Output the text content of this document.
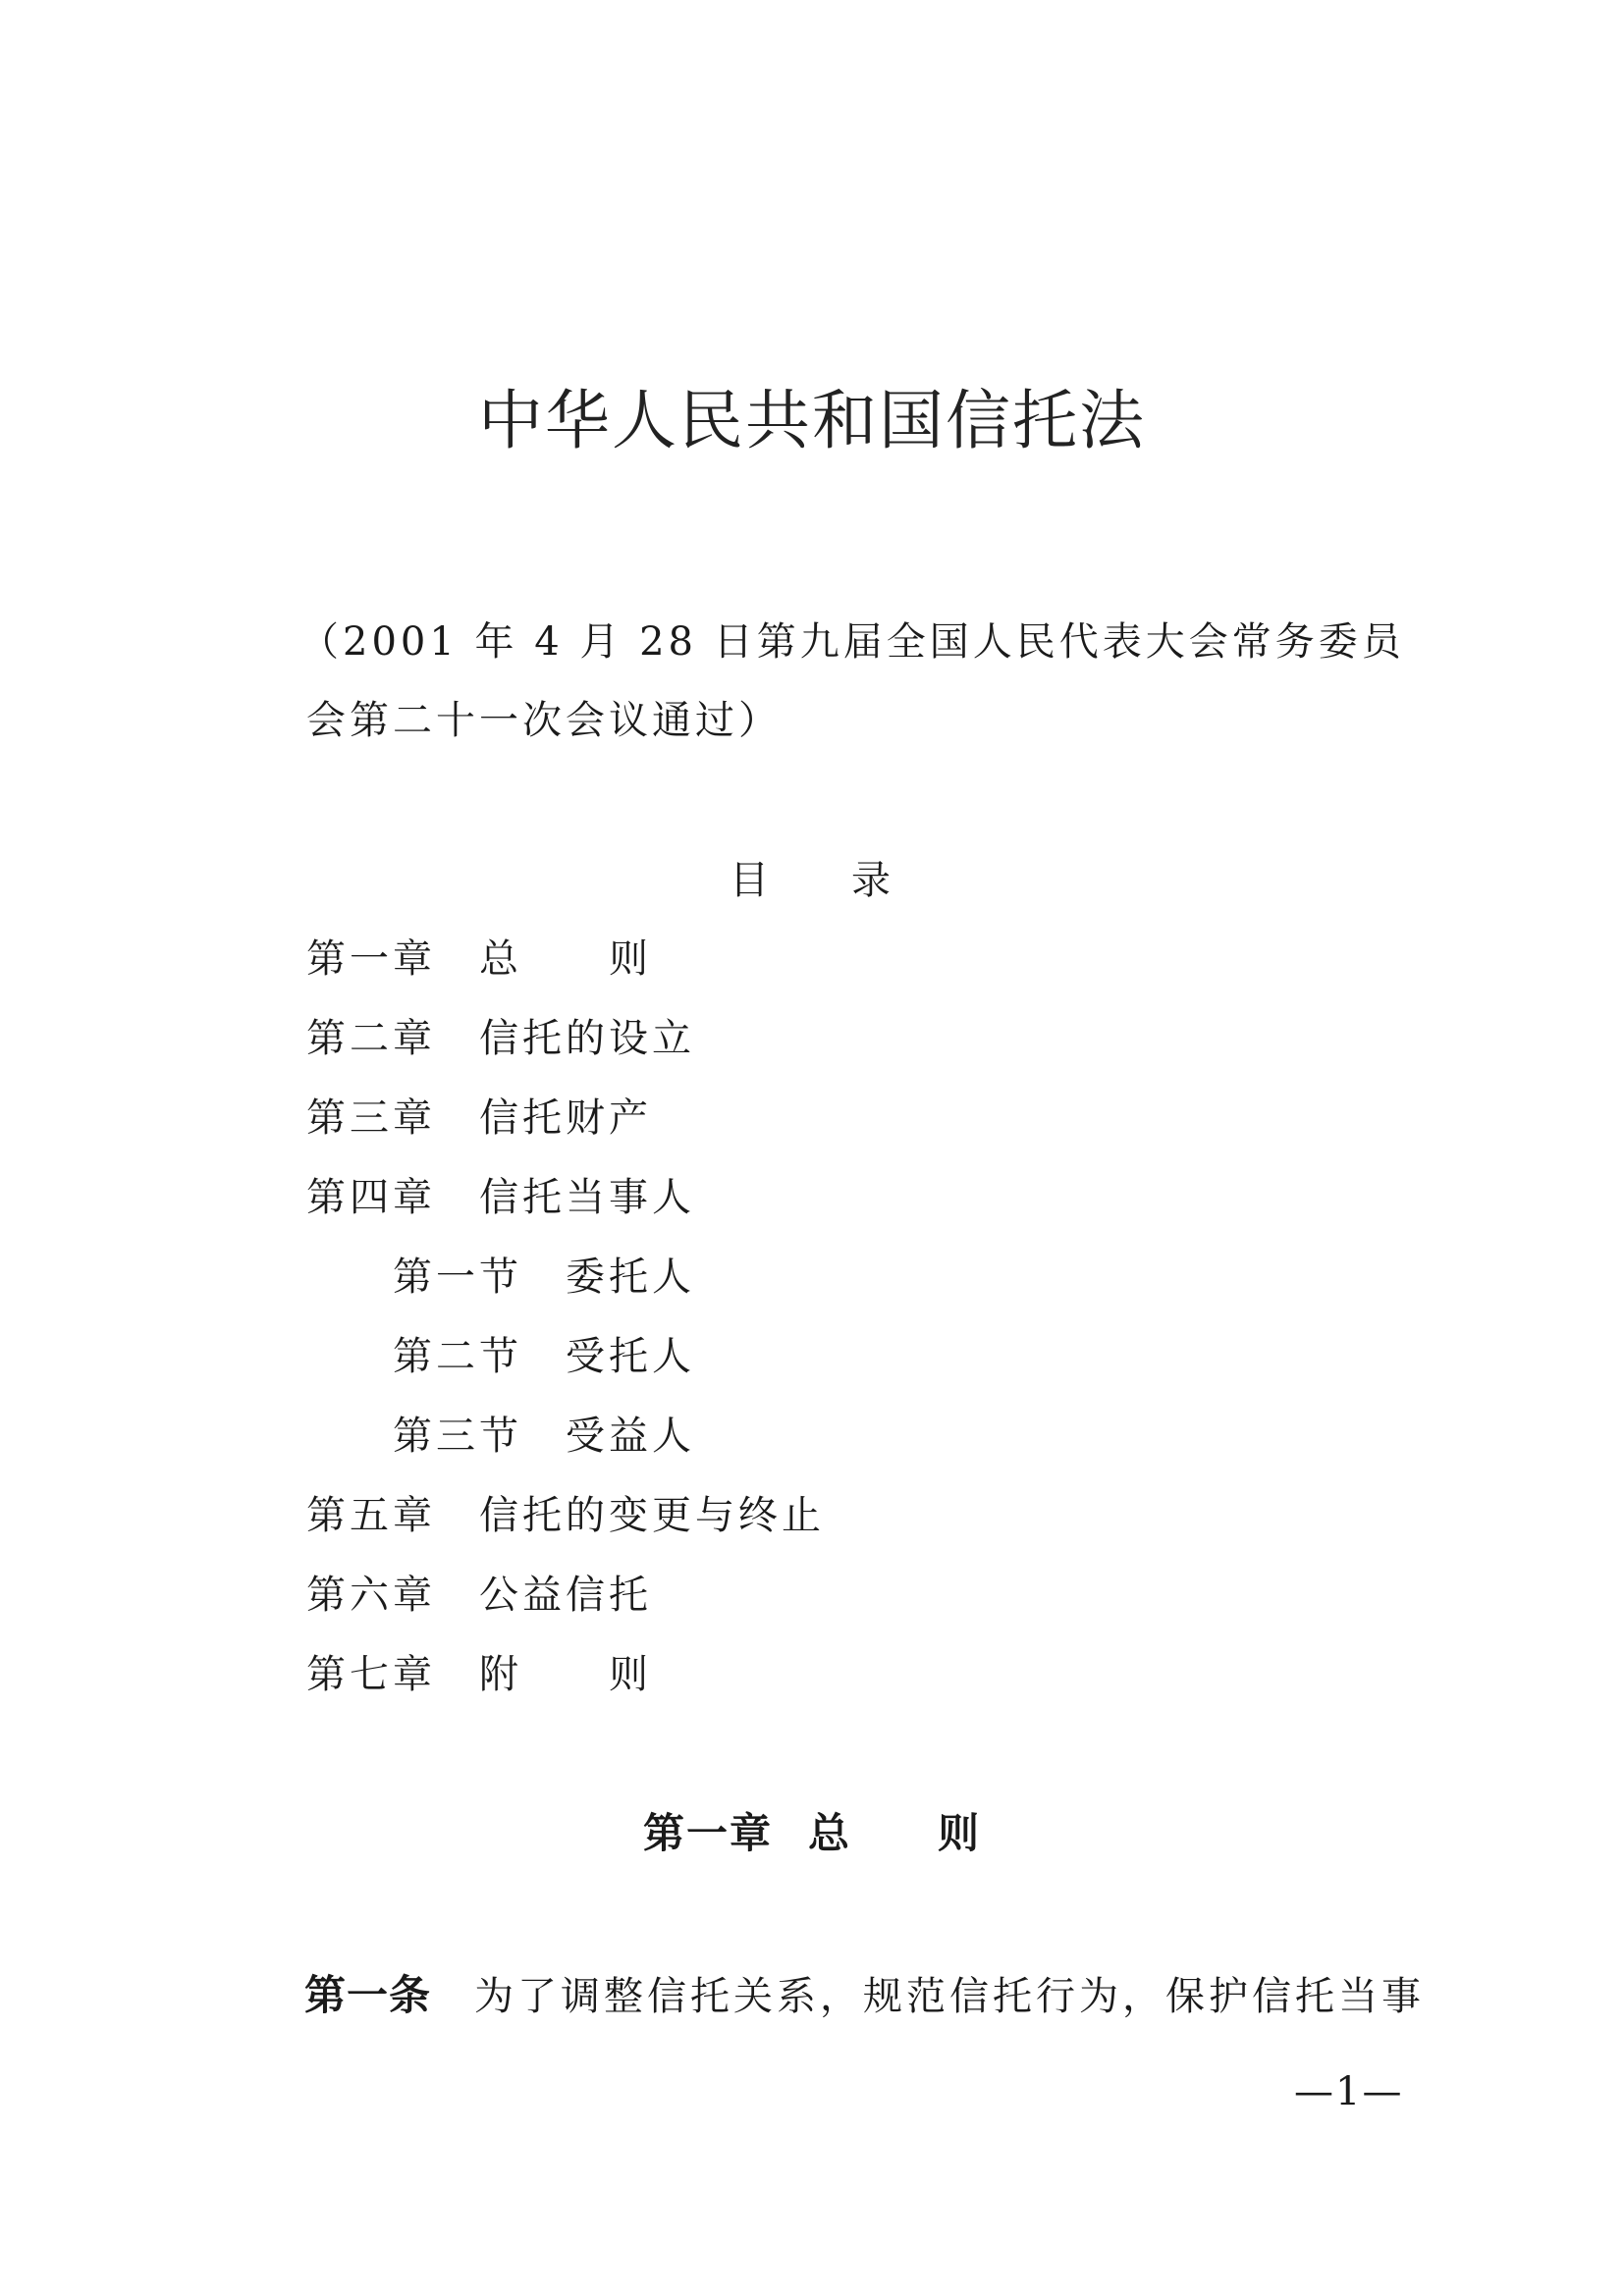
中华人民共和国信托法
（2001 年 4 月 28 日第九届全国人民代表大会常务委员
会第二十一次会议通过）
目 录
第一章	总　　则
第二章	信托的设立
第三章	信托财产
第四章	信托当事人
第一节	委托人
第二节	受托人
第三节	受益人
第五章	信托的变更与终止
第六章	公益信托
第七章	附　　则
第一章 总　　则
第一条 为了调整信托关系，规范信托行为，保护信托当事
—1—
